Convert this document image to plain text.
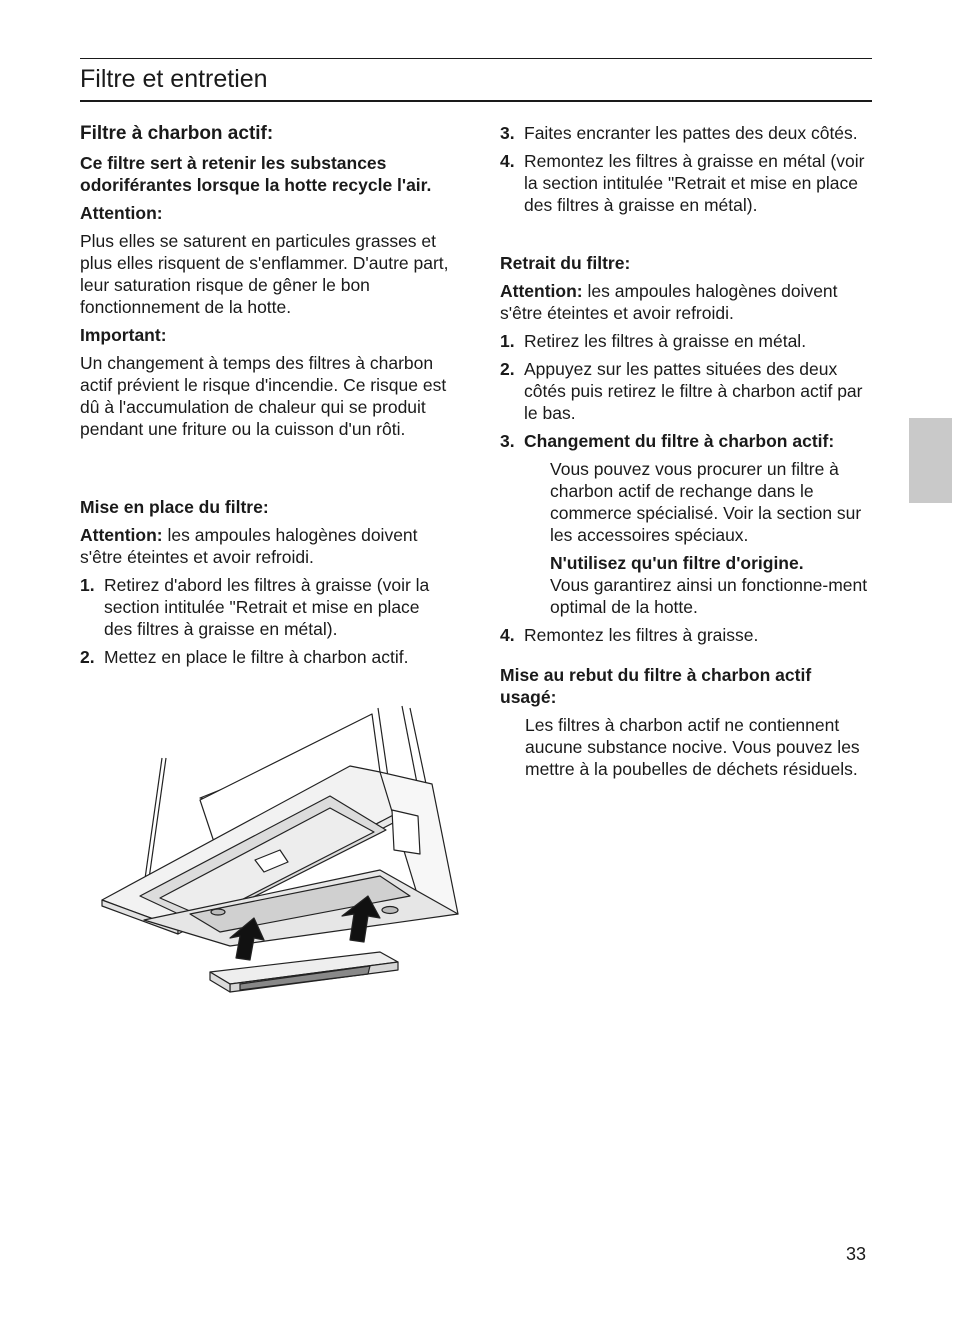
Filtre et entretien

Filtre à charbon actif:

Ce filtre sert à retenir les substances odoriférantes lorsque la hotte recycle l'air.

Attention:

Plus elles se saturent en particules grasses et plus elles risquent de s'enflammer. D'autre part, leur saturation risque de gêner le bon fonctionnement de la hotte.

Important:

Un changement à temps des filtres à charbon actif prévient le risque d'incendie. Ce risque est dû à l'accumulation de chaleur qui se produit pendant une friture ou la cuisson d'un rôti.

Mise en place du filtre:

Attention: les ampoules halogènes doivent s'être éteintes et avoir refroidi.

1. Retirez d'abord les filtres à graisse (voir la section intitulée "Retrait et mise en place des filtres à graisse en métal).
2. Mettez en place le filtre à charbon actif.
3. Faites encranter les pattes des deux côtés.
4. Remontez les filtres à graisse en métal (voir la section intitulée "Retrait et mise en place des filtres à graisse en métal).

Retrait du filtre:

Attention: les ampoules halogènes doivent s'être éteintes et avoir refroidi.

1. Retirez les filtres à graisse en métal.
2. Appuyez sur les pattes situées des deux côtés puis retirez le filtre à charbon actif par le bas.
3. Changement du filtre à charbon actif:

Vous pouvez vous procurer un filtre à charbon actif de rechange dans le commerce spécialisé. Voir la section sur les accessoires spéciaux.

N'utilisez qu'un filtre d'origine.
Vous garantirez ainsi un fonctionne-ment optimal de la hotte.

4. Remontez les filtres à graisse.

Mise au rebut du filtre à charbon actif usagé:

Les filtres à charbon actif ne contiennent aucune substance nocive. Vous pouvez les mettre à la poubelles de déchets résiduels.

33
